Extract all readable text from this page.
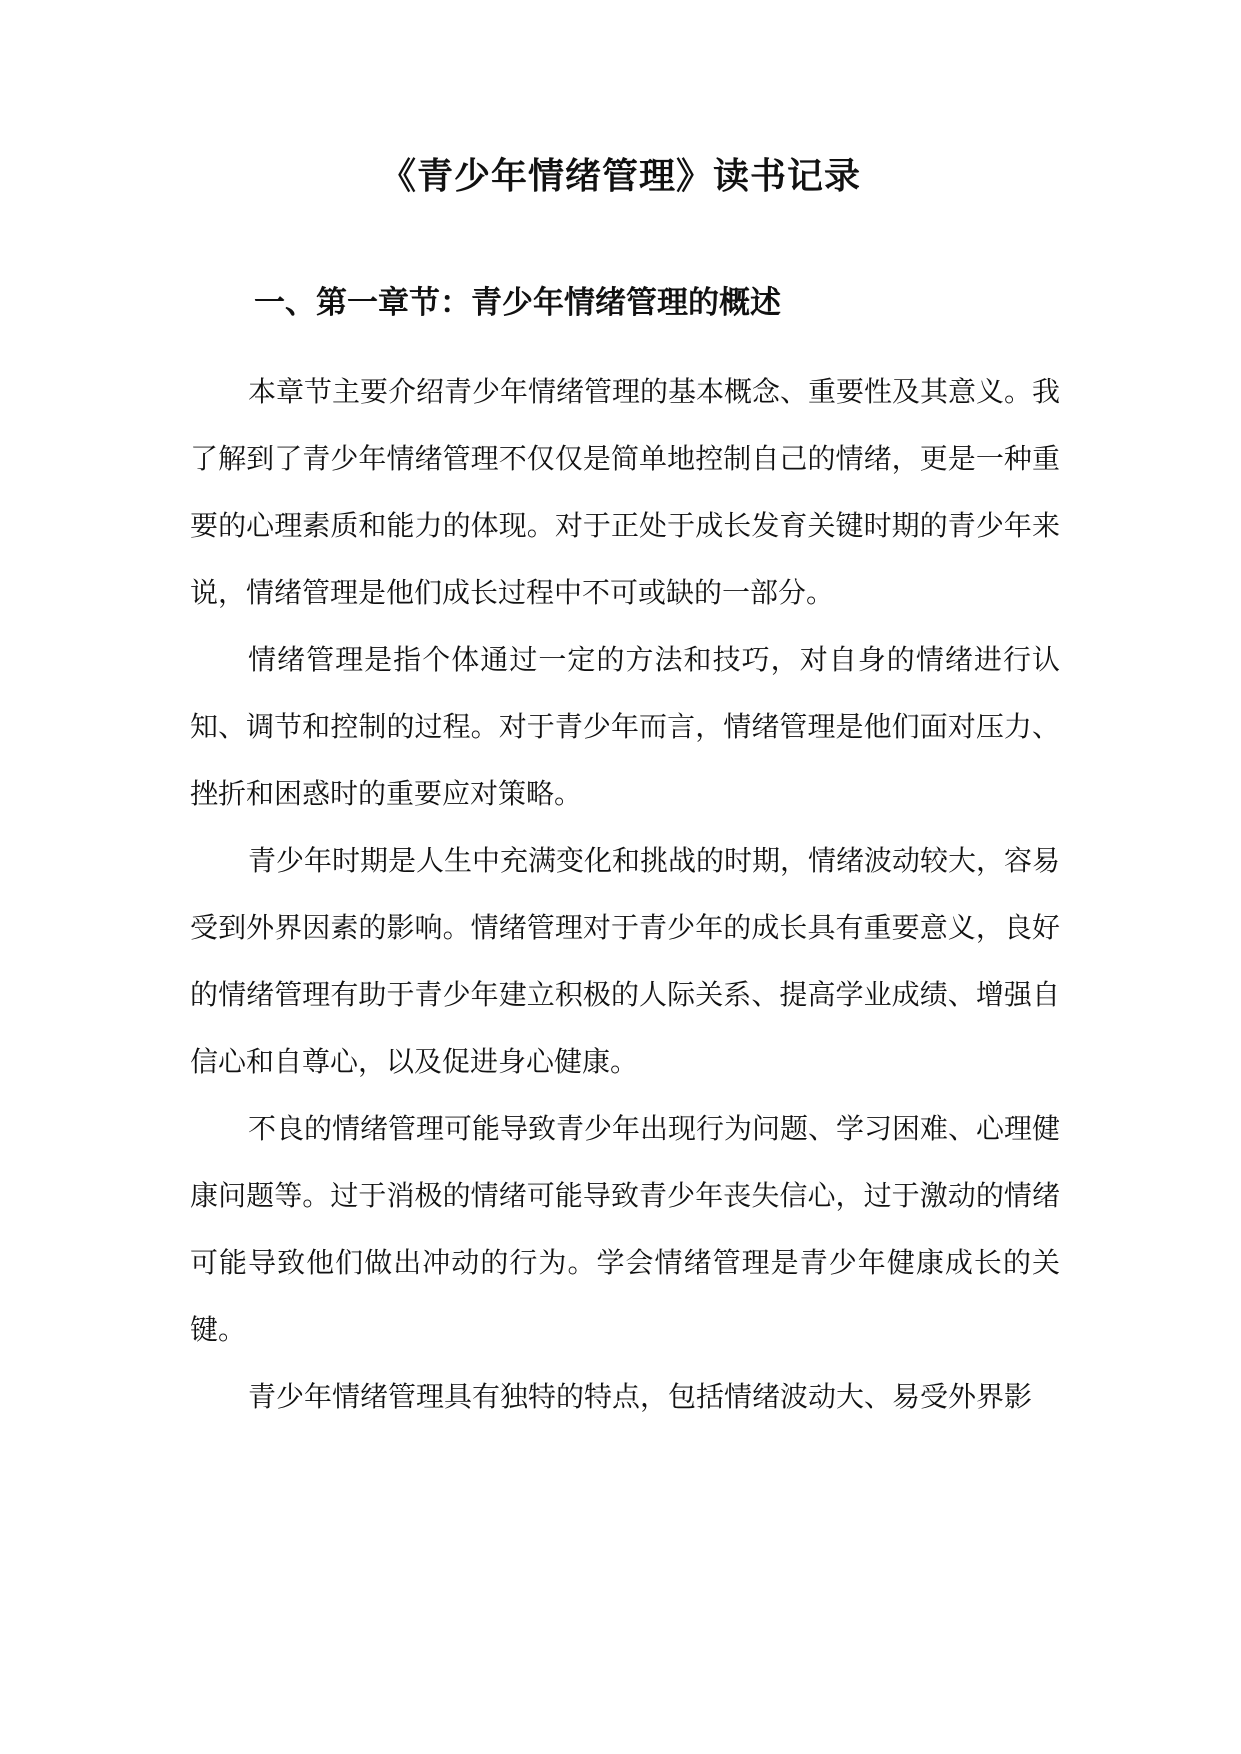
《青少年情绪管理》读书记录
一、第一章节：青少年情绪管理的概述

本章节主要介绍青少年情绪管理的基本概念、重要性及其意义。我了解到了青少年情绪管理不仅仅是简单地控制自己的情绪，更是一种重要的心理素质和能力的体现。对于正处于成长发育关键时期的青少年来说，情绪管理是他们成长过程中不可或缺的一部分。

情绪管理是指个体通过一定的方法和技巧，对自身的情绪进行认知、调节和控制的过程。对于青少年而言，情绪管理是他们面对压力、挫折和困惑时的重要应对策略。

青少年时期是人生中充满变化和挑战的时期，情绪波动较大，容易受到外界因素的影响。情绪管理对于青少年的成长具有重要意义，良好的情绪管理有助于青少年建立积极的人际关系、提高学业成绩、增强自信心和自尊心，以及促进身心健康。

不良的情绪管理可能导致青少年出现行为问题、学习困难、心理健康问题等。过于消极的情绪可能导致青少年丧失信心，过于激动的情绪可能导致他们做出冲动的行为。学会情绪管理是青少年健康成长的关键。

青少年情绪管理具有独特的特点，包括情绪波动大、易受外界影
